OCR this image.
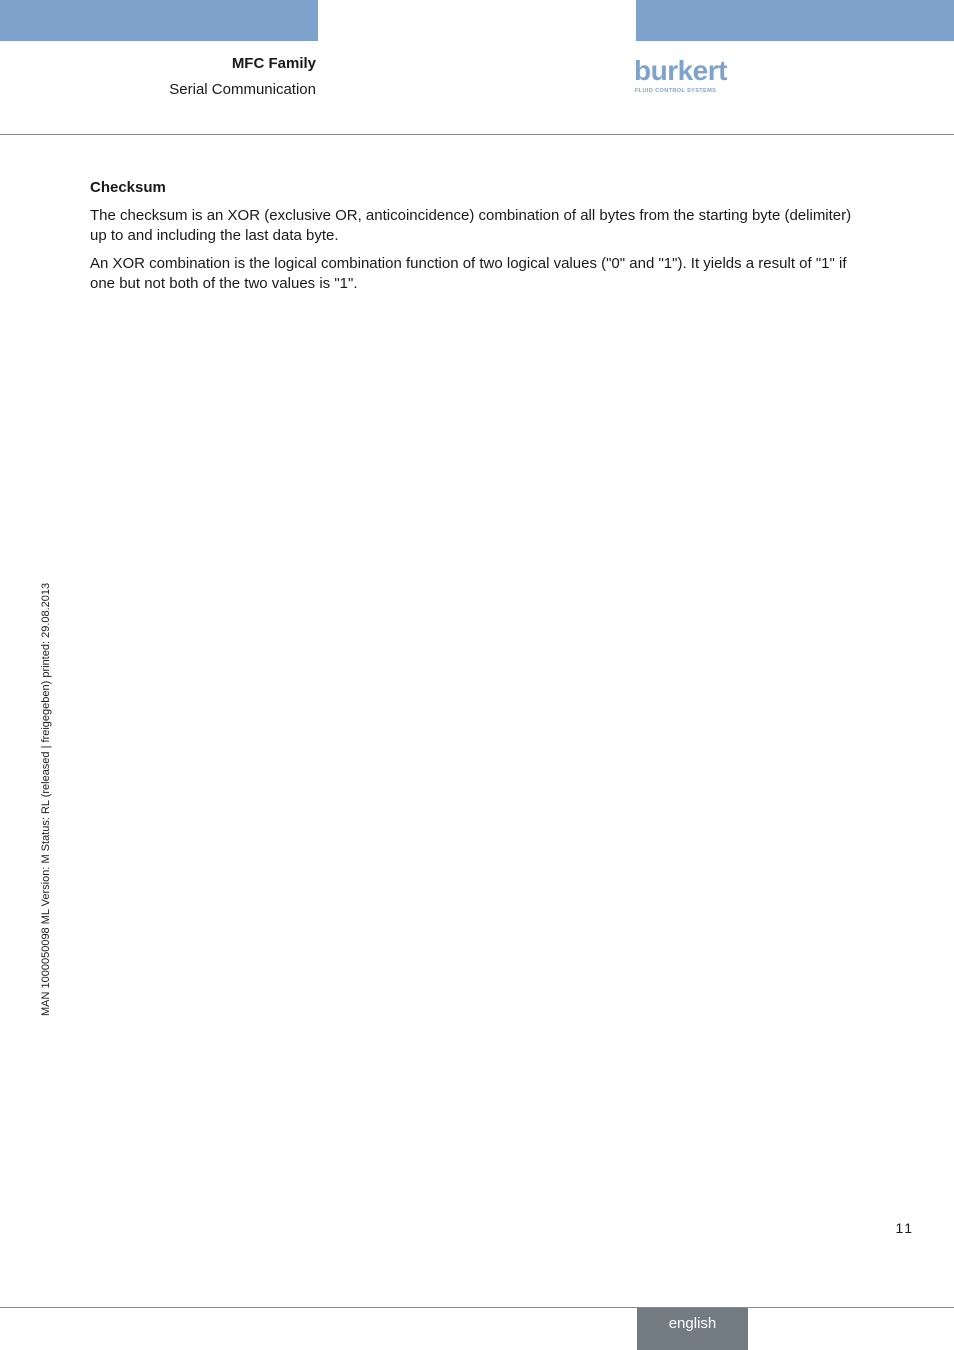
MFC Family
Serial Communication
burkert
FLUID CONTROL SYSTEMS
Checksum

The checksum is an XOR (exclusive OR, anticoincidence) combination of all bytes from the starting byte (delimiter) up to and including the last data byte.

An XOR combination is the logical combination function of two logical values ("0" and "1"). It yields a result of "1" if one but not both of the two values is "1".

MAN 1000050098 ML Version: M Status: RL (released | freigegeben) printed: 29.08.2013
11
english
